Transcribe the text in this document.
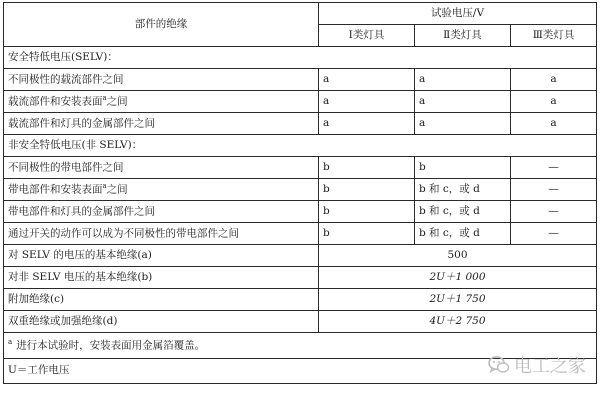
部件的绝缘	试验电压/V		
	Ⅰ类灯具	Ⅱ类灯具	Ⅲ类灯具
安全特低电压(SELV)：			
不同极性的载流部件之间	a	a	a
载流部件和安装表面$^a$之间	a	a	a
载流部件和灯具的金属部件之间	a	a	a
非安全特低电压(非 SELV)：			
不同极性的带电部件之间	b	b	—
带电部件和安装表面$^a$之间	b	b 和 c，或 d	—
带电部件和灯具的金属部件之间	b	b 和 c，或 d	—
通过开关的动作可以成为不同极性的带电部件之间	b	b 和 c，或 d	—
对 SELV 的电压的基本绝缘(a)	500		
对非 SELV 电压的基本绝缘(b)	2U＋1 000		
附加绝缘(c)	2U＋1 750		
双重绝缘或加强绝缘(d)	4U＋2 750		
$^a$ 进行本试验时，安装表面用金属箔覆盖。			
U＝工作电压				电工之家
